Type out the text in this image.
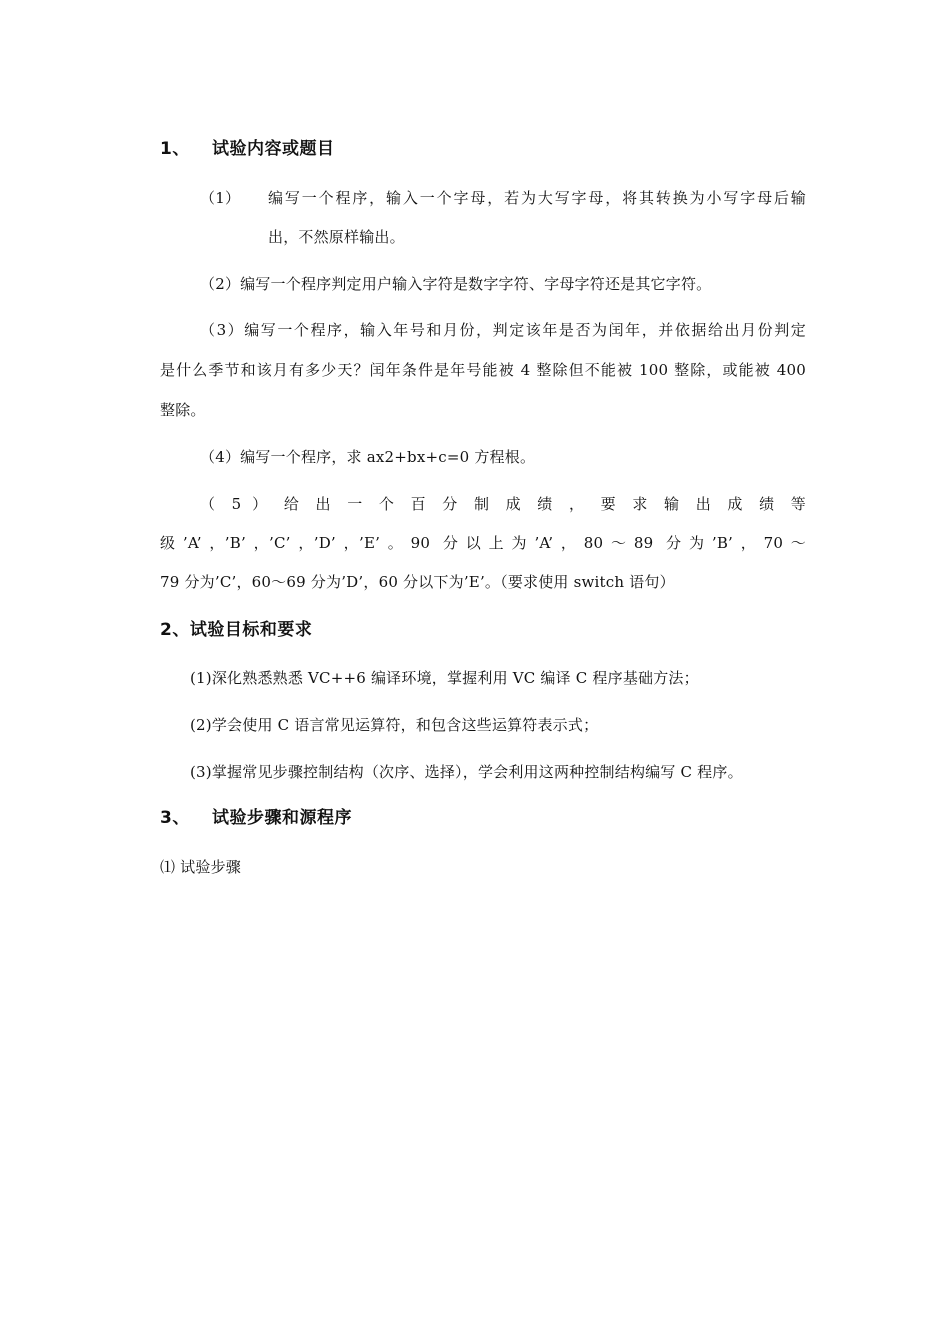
1、 试验内容或题目
（1） 编写一个程序，输入一个字母，若为大写字母，将其转换为小写字母后输
出，不然原样输出。
（2）编写一个程序判定用户输入字符是数字字符、字母字符还是其它字符。
（3）编写一个程序，输入年号和月份，判定该年是否为闰年，并依据给出月份判定
是什么季节和该月有多少天？闰年条件是年号能被 4 整除但不能被 100 整除，或能被 400
整除。
（4）编写一个程序，求 ax2+bx+c=0 方程根。
（ 5 ） 给 出 一 个 百 分 制 成 绩 ， 要 求 输 出 成 绩 等
级’A’，’B’，’C’，’D’，’E’。90 分以上为’A’，80～89 分为’B’，70～
79 分为’C’，60～69 分为’D’，60 分以下为’E’。（要求使用 switch 语句）
2、试验目标和要求
(1)深化熟悉熟悉 VC++6 编译环境，掌握利用 VC 编译 C 程序基础方法；
(2)学会使用 C 语言常见运算符，和包含这些运算符表示式；
(3)掌握常见步骤控制结构（次序、选择），学会利用这两种控制结构编写 C 程序。
3、 试验步骤和源程序
⑴ 试验步骤
